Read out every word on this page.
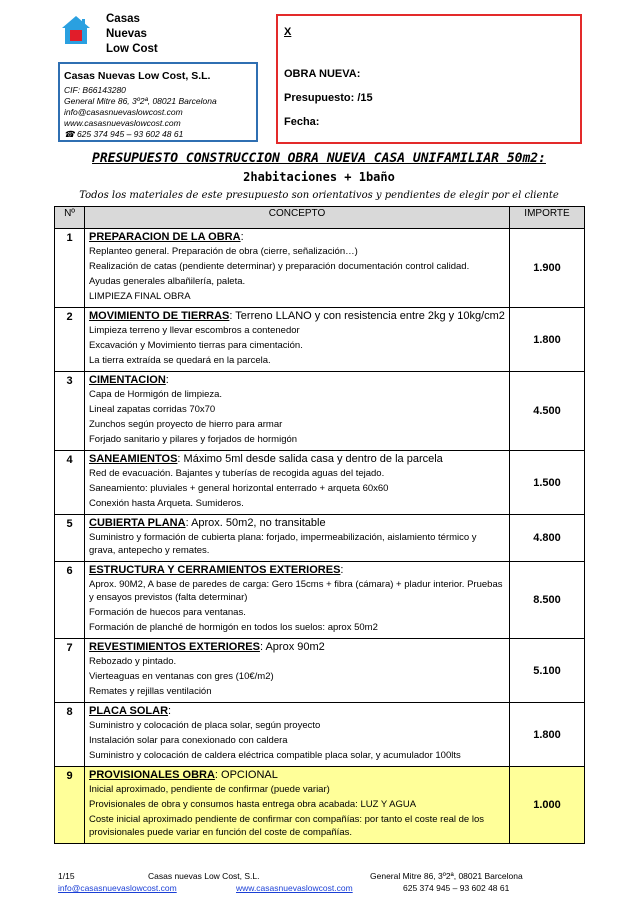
Casas
Nuevas
Low Cost
Casas Nuevas Low Cost, S.L.
CIF: B66143280
General Mitre 86, 3º2ª, 08021 Barcelona
info@casasnuevaslowcost.com
www.casasnuevaslowcost.com
☎ 625 374 945 – 93 602 48 61
X
OBRA NUEVA:
Presupuesto: /15
Fecha:
PRESUPUESTO CONSTRUCCION OBRA NUEVA CASA UNIFAMILIAR 50m2:
2habitaciones + 1baño
Todos los materiales de este presupuesto son orientativos y pendientes de elegir por el cliente
Nº	CONCEPTO	IMPORTE
1	PREPARACION DE LA OBRA:
Replanteo general. Preparación de obra (cierre, señalización…)
Realización de catas (pendiente determinar) y preparación documentación control calidad.
Ayudas generales albañilería, paleta.
LIMPIEZA FINAL OBRA	1.900
2	MOVIMIENTO DE TIERRAS: Terreno LLANO y con resistencia entre 2kg y 10kg/cm2
Limpieza terreno y llevar escombros a contenedor
Excavación y Movimiento tierras para cimentación.
La tierra extraída se quedará en la parcela.	1.800
3	CIMENTACION:
Capa de Hormigón de limpieza.
Lineal zapatas corridas 70x70
Zunchos según proyecto de hierro para armar
Forjado sanitario y pilares y forjados de hormigón	4.500
4	SANEAMIENTOS: Máximo 5ml desde salida casa y dentro de la parcela
Red de evacuación. Bajantes y tuberías de recogida aguas del tejado.
Saneamiento: pluviales + general horizontal enterrado + arqueta 60x60
Conexión hasta Arqueta. Sumideros.	1.500
5	CUBIERTA PLANA: Aprox. 50m2, no transitable
Suministro y formación de cubierta plana: forjado, impermeabilización, aislamiento térmico y grava, antepecho y remates.	4.800
6	ESTRUCTURA Y CERRAMIENTOS EXTERIORES:
Aprox. 90M2, A base de paredes de carga: Gero 15cms + fibra (cámara) + pladur interior. Pruebas y ensayos previstos (falta determinar)
Formación de huecos para ventanas.
Formación de planché de hormigón en todos los suelos: aprox 50m2	8.500
7	REVESTIMIENTOS EXTERIORES: Aprox 90m2
Rebozado y pintado.
Vierteaguas en ventanas con gres (10€/m2)
Remates y rejillas ventilación	5.100
8	PLACA SOLAR:
Suministro y colocación de placa solar, según proyecto
Instalación solar para conexionado con caldera
Suministro y colocación de caldera eléctrica compatible placa solar, y acumulador 100lts	1.800
9	PROVISIONALES OBRA: OPCIONAL
Inicial aproximado, pendiente de confirmar (puede variar)
Provisionales de obra y consumos hasta entrega obra acabada: LUZ Y AGUA
Coste inicial aproximado pendiente de confirmar con compañías: por tanto el coste real de los provisionales puede variar en función del coste de compañías.	1.000
1/15	Casas nuevas Low Cost, S.L.	General Mitre 86, 3º2ª, 08021 Barcelona
info@casasnuevaslowcost.com	www.casasnuevaslowcost.com	625 374 945 – 93 602 48 61
